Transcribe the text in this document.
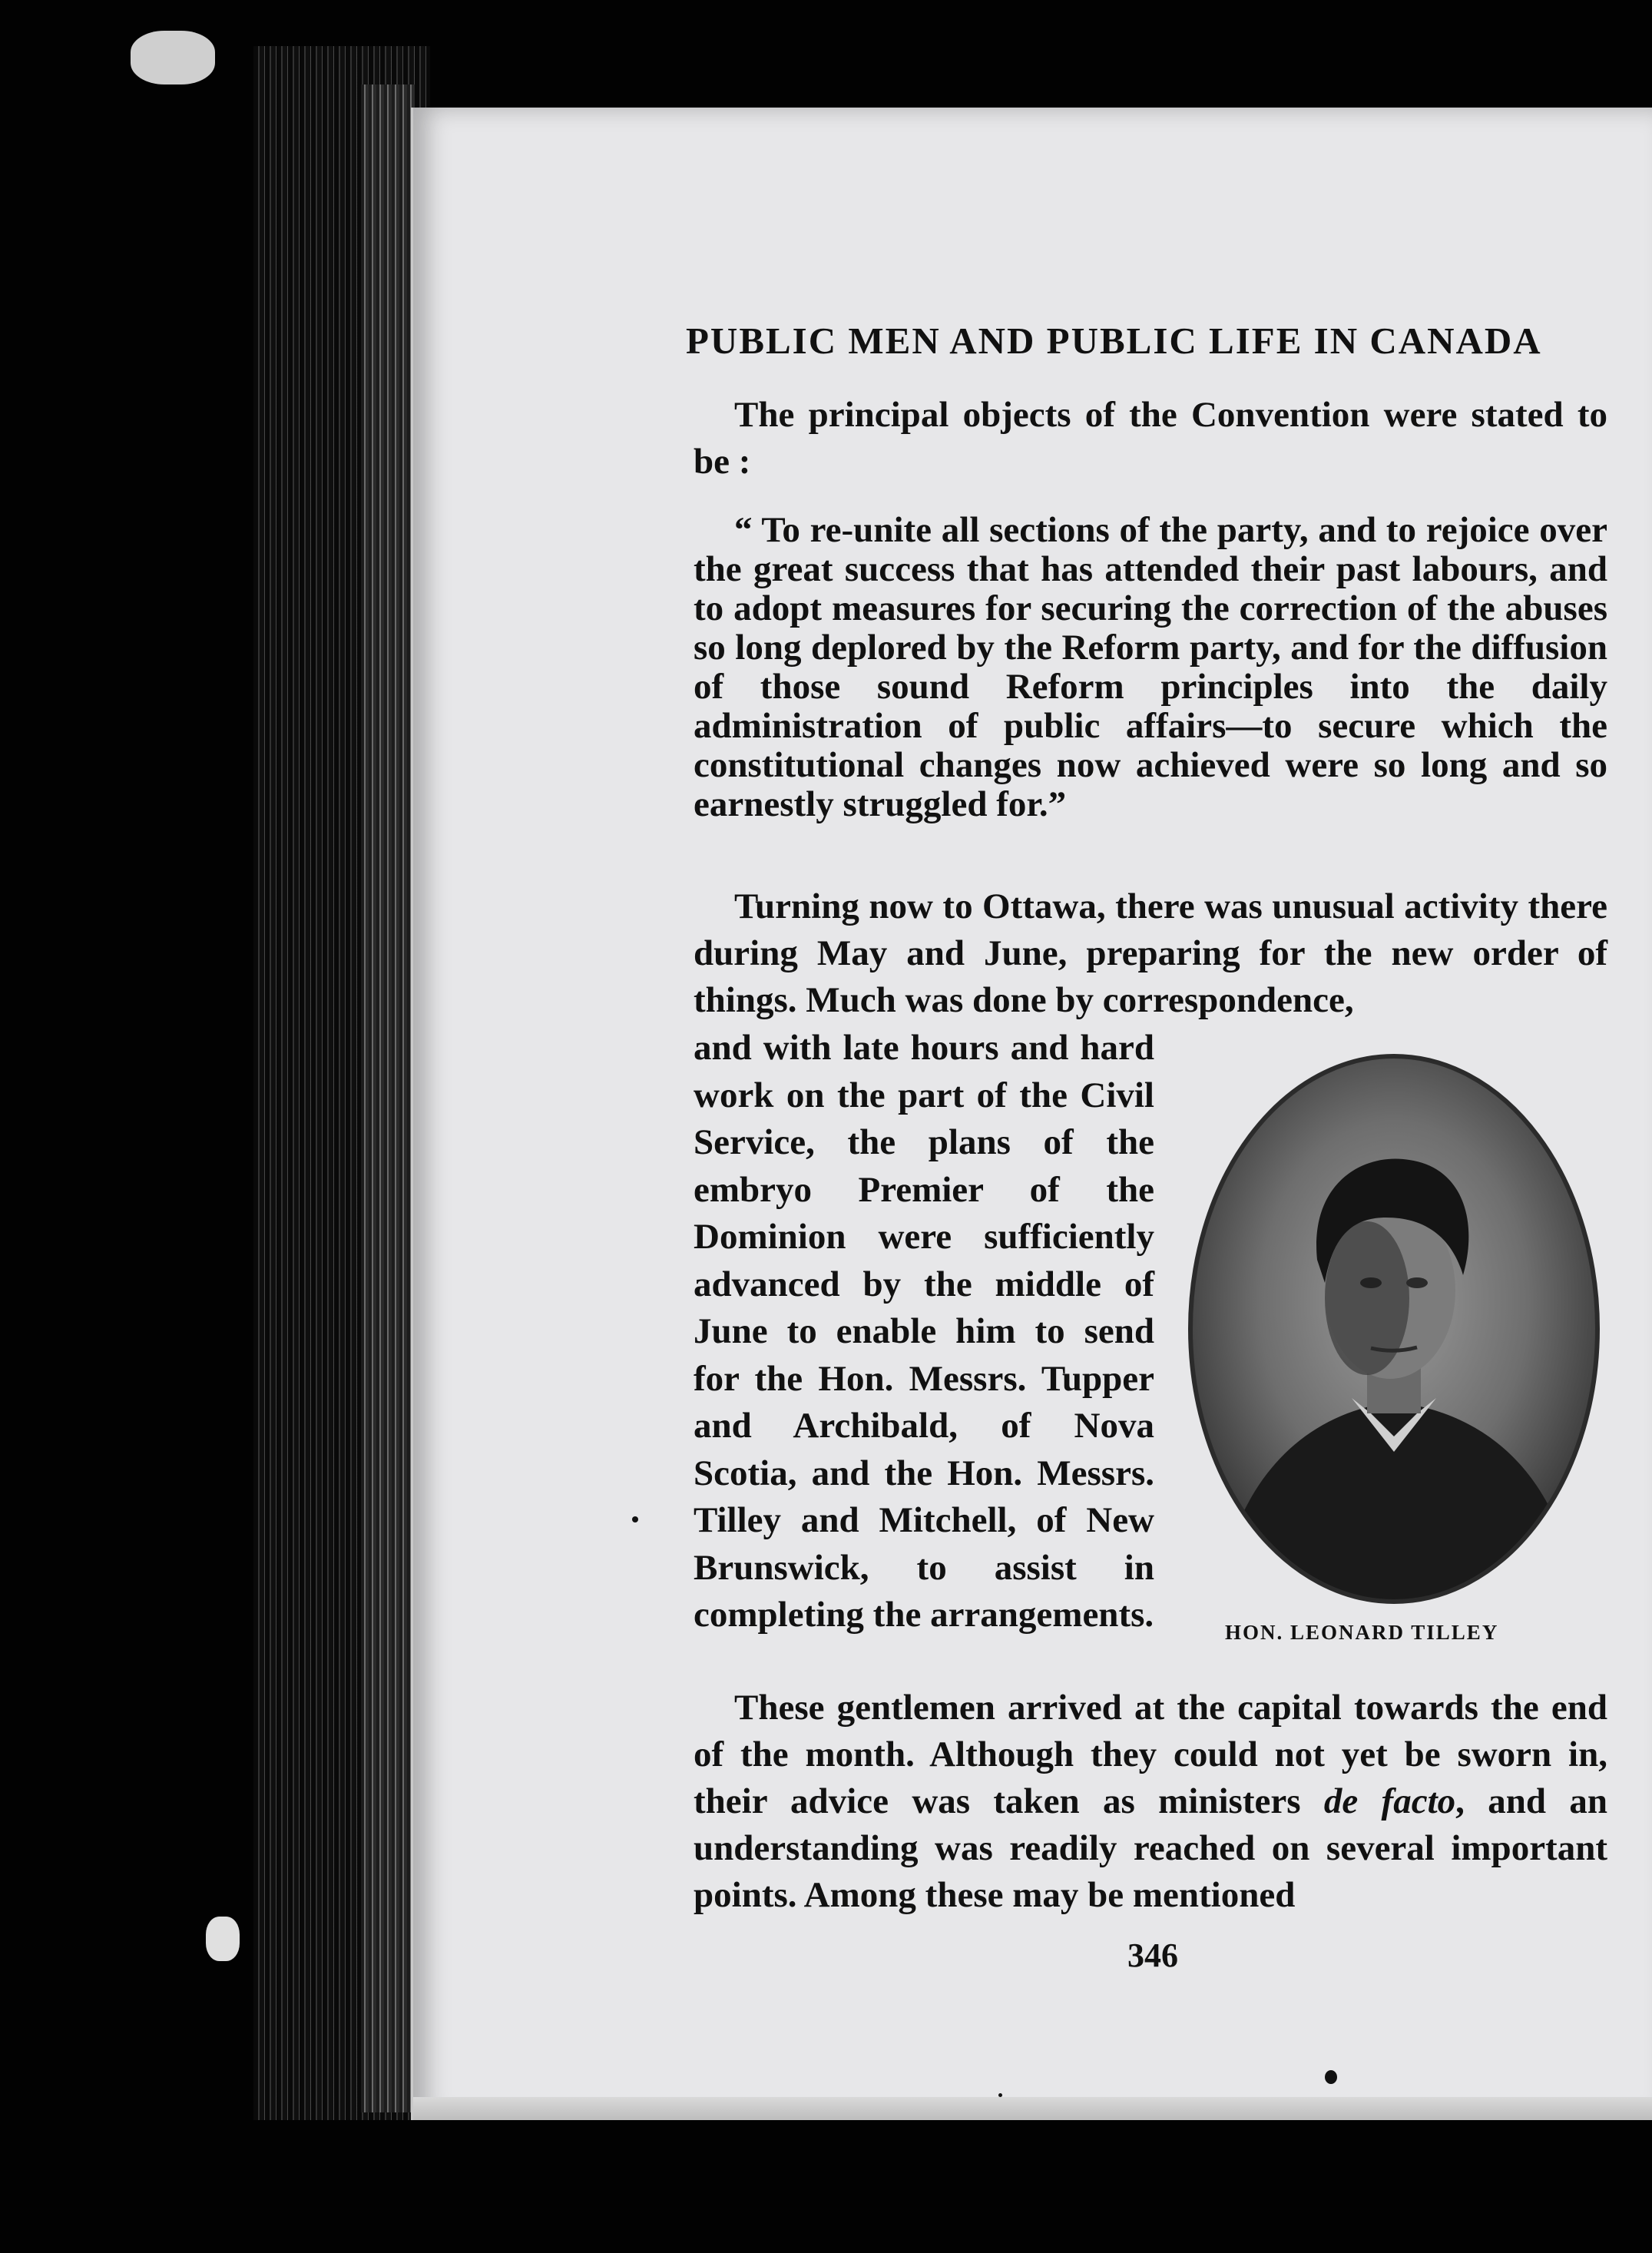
PUBLIC MEN AND PUBLIC LIFE IN CANADA
The principal objects of the Convention were stated to be :
“ To re-unite all sections of the party, and to rejoice over the great success that has attended their past labours, and to adopt measures for securing the correction of the abuses so long deplored by the Reform party, and for the diffusion of those sound Reform principles into the daily administration of public affairs—to secure which the constitutional changes now achieved were so long and so earnestly struggled for.”
Turning now to Ottawa, there was unusual activity there during May and June, preparing for the new order of things. Much was done by correspondence,
and with late hours and hard work on the part of the Civil Service, the plans of the embryo Premier of the Dominion were sufficiently advanced by the middle of June to enable him to send for the Hon. Messrs. Tupper and Archibald, of Nova Scotia, and the Hon. Messrs. Tilley and Mitchell, of New Brunswick, to assist in completing the arrangements.	HON. LEONARD TILLEY
These gentlemen arrived at the capital towards the end of the month. Although they could not yet be sworn in, their advice was taken as ministers de facto, and an understanding was readily reached on several important points. Among these may be mentioned
346
